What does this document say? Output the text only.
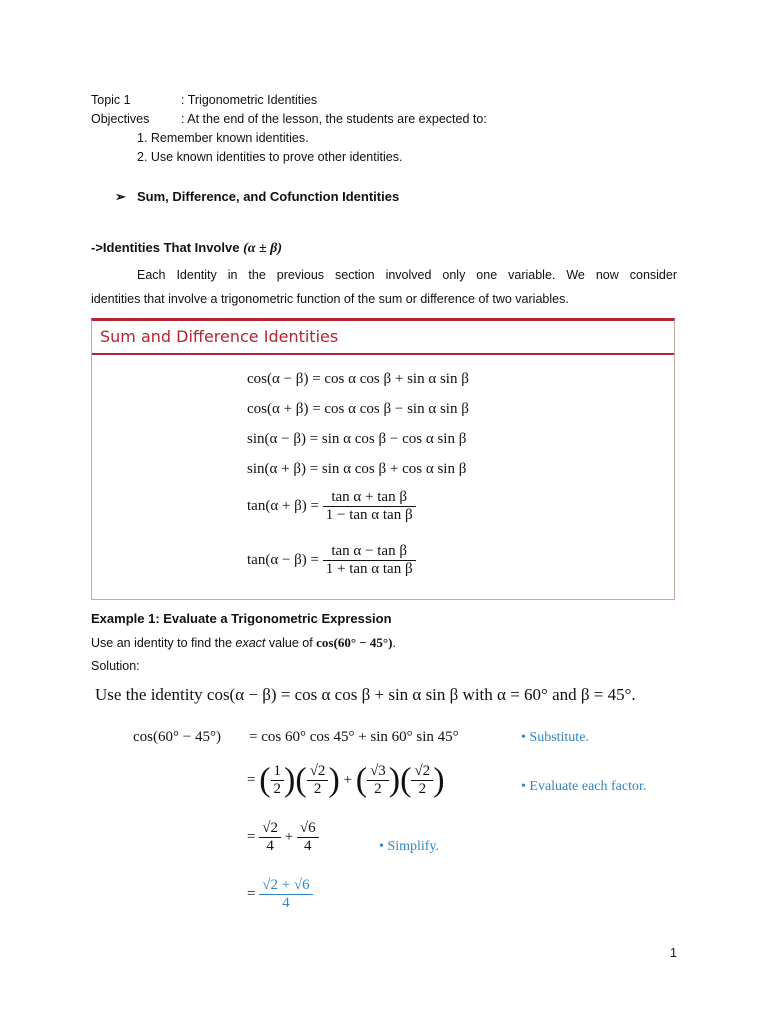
Topic 1	: Trigonometric Identities
Objectives	: At the end of the lesson, the students are expected to:
1. Remember known identities.
2. Use known identities to prove other identities.
➢ Sum, Difference, and Cofunction Identities
->Identities That Involve (α ± β)
Each Identity in the previous section involved only one variable. We now consider
identities that involve a trigonometric function of the sum or difference of two variables.
Sum and Difference Identities
cos(α − β) = cos α cos β + sin α sin β
cos(α + β) = cos α cos β − sin α sin β
sin(α − β) = sin α cos β − cos α sin β
sin(α + β) = sin α cos β + cos α sin β
$\tan(\alpha + \beta) = \frac{\text{tan α + tan β}}{\text{1 − tan α tan β}}$
$\tan(\alpha - \beta) = \frac{\text{tan α − tan β}}{\text{1 + tan α tan β}}$
Example 1: Evaluate a Trigonometric Expression
Use an identity to find the exact value of cos(60° − 45°).
Solution:
Use the identity cos(α − β) = cos α cos β + sin α sin β with α = 60° and β = 45°.
cos(60° − 45°) = cos 60° cos 45° + sin 60° sin 45°	• Substitute.
= ( $\frac{1}{2}$ )( $\frac{√2}{2}$ ) + ( $\frac{√3}{2}$ )( $\frac{√2}{2}$ )	• Evaluate each factor.
= $\frac{√2}{4} + \frac{√6}{4}$	• Simplify.
= $\frac{√2 + √6}{4}$
1
